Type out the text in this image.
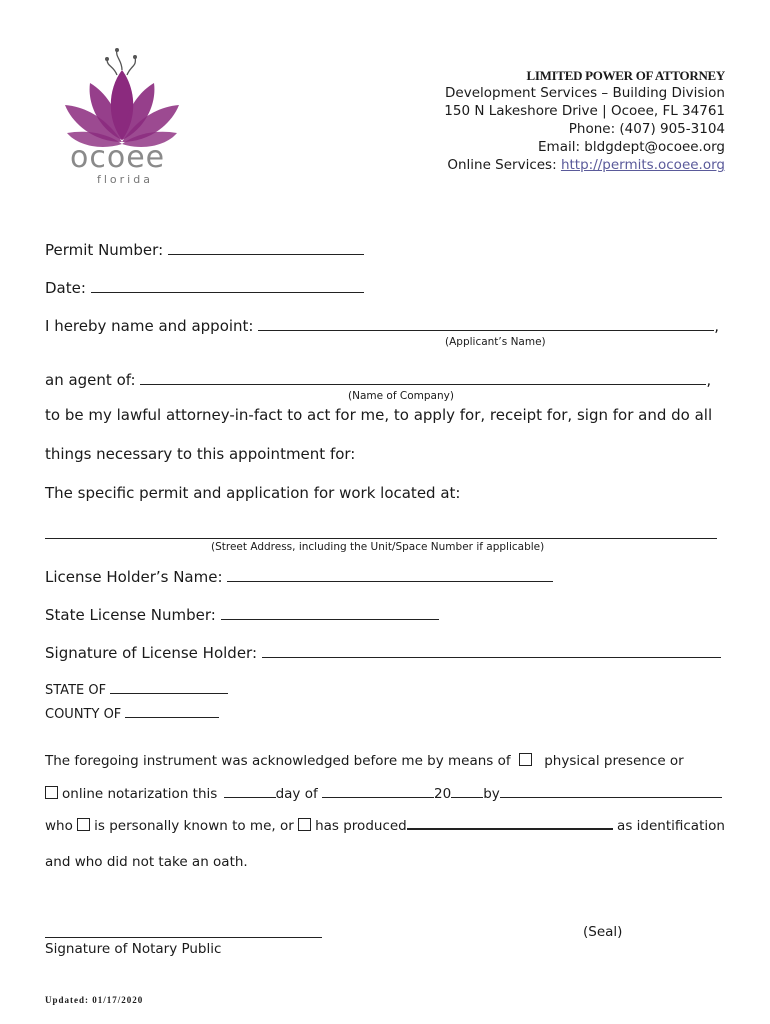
ocoee
florida
LIMITED POWER OF ATTORNEY
Development Services – Building Division
150 N Lakeshore Drive | Ocoee, FL 34761
Phone: (407) 905-3104
Email: bldgdept@ocoee.org
Online Services: http://permits.ocoee.org
Permit Number:
Date:
I hereby name and appoint:	,
(Applicant’s Name)
an agent of:	,
(Name of Company)
to be my lawful attorney-in-fact to act for me, to apply for, receipt for, sign for and do all
things necessary to this appointment for:
The specific permit and application for work located at:
(Street Address, including the Unit/Space Number if applicable)
License Holder’s Name:
State License Number:
Signature of License Holder:
STATE OF
COUNTY OF
The foregoing instrument was acknowledged before me by means of physical presence or
online notarization this	day of	20 by
who is personally known to me, or has produced	as identification
and who did not take an oath.
(Seal)
Signature of Notary Public
Updated: 01/17/2020
